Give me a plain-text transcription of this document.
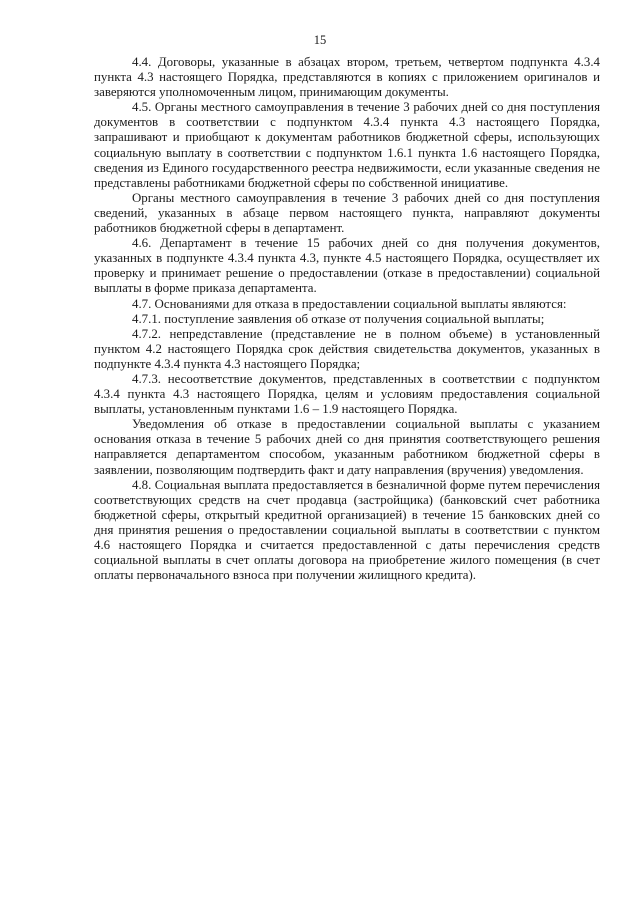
15

4.4. Договоры, указанные в абзацах втором, третьем, четвертом подпункта 4.3.4 пункта 4.3 настоящего Порядка, представляются в копиях с приложением оригиналов и заверяются уполномоченным лицом, принимающим документы.

4.5. Органы местного самоуправления в течение 3 рабочих дней со дня поступления документов в соответствии с подпунктом 4.3.4 пункта 4.3 настоящего Порядка, запрашивают и приобщают к документам работников бюджетной сферы, использующих социальную выплату в соответствии с подпунктом 1.6.1 пункта 1.6 настоящего Порядка, сведения из Единого государственного реестра недвижимости, если указанные сведения не представлены работниками бюджетной сферы по собственной инициативе.

Органы местного самоуправления в течение 3 рабочих дней со дня поступления сведений, указанных в абзаце первом настоящего пункта, направляют документы работников бюджетной сферы в департамент.

4.6. Департамент в течение 15 рабочих дней со дня получения документов, указанных в подпункте 4.3.4 пункта 4.3, пункте 4.5 настоящего Порядка, осуществляет их проверку и принимает решение о предоставлении (отказе в предоставлении) социальной выплаты в форме приказа департамента.

4.7. Основаниями для отказа в предоставлении социальной выплаты являются:

4.7.1. поступление заявления об отказе от получения социальной выплаты;

4.7.2. непредставление (представление не в полном объеме) в установленный пунктом 4.2 настоящего Порядка срок действия свидетельства документов, указанных в подпункте 4.3.4 пункта 4.3 настоящего Порядка;

4.7.3. несоответствие документов, представленных в соответствии с подпунктом 4.3.4 пункта 4.3 настоящего Порядка, целям и условиям предоставления социальной выплаты, установленным пунктами 1.6 – 1.9 настоящего Порядка.

Уведомления об отказе в предоставлении социальной выплаты с указанием основания отказа в течение 5 рабочих дней со дня принятия соответствующего решения направляется департаментом способом, указанным работником бюджетной сферы в заявлении, позволяющим подтвердить факт и дату направления (вручения) уведомления.

4.8. Социальная выплата предоставляется в безналичной форме путем перечисления соответствующих средств на счет продавца (застройщика) (банковский счет работника бюджетной сферы, открытый кредитной организацией) в течение 15 банковских дней со дня принятия решения о предоставлении социальной выплаты в соответствии с пунктом 4.6 настоящего Порядка и считается предоставленной с даты перечисления средств социальной выплаты в счет оплаты договора на приобретение жилого помещения (в счет оплаты первоначального взноса при получении жилищного кредита).
